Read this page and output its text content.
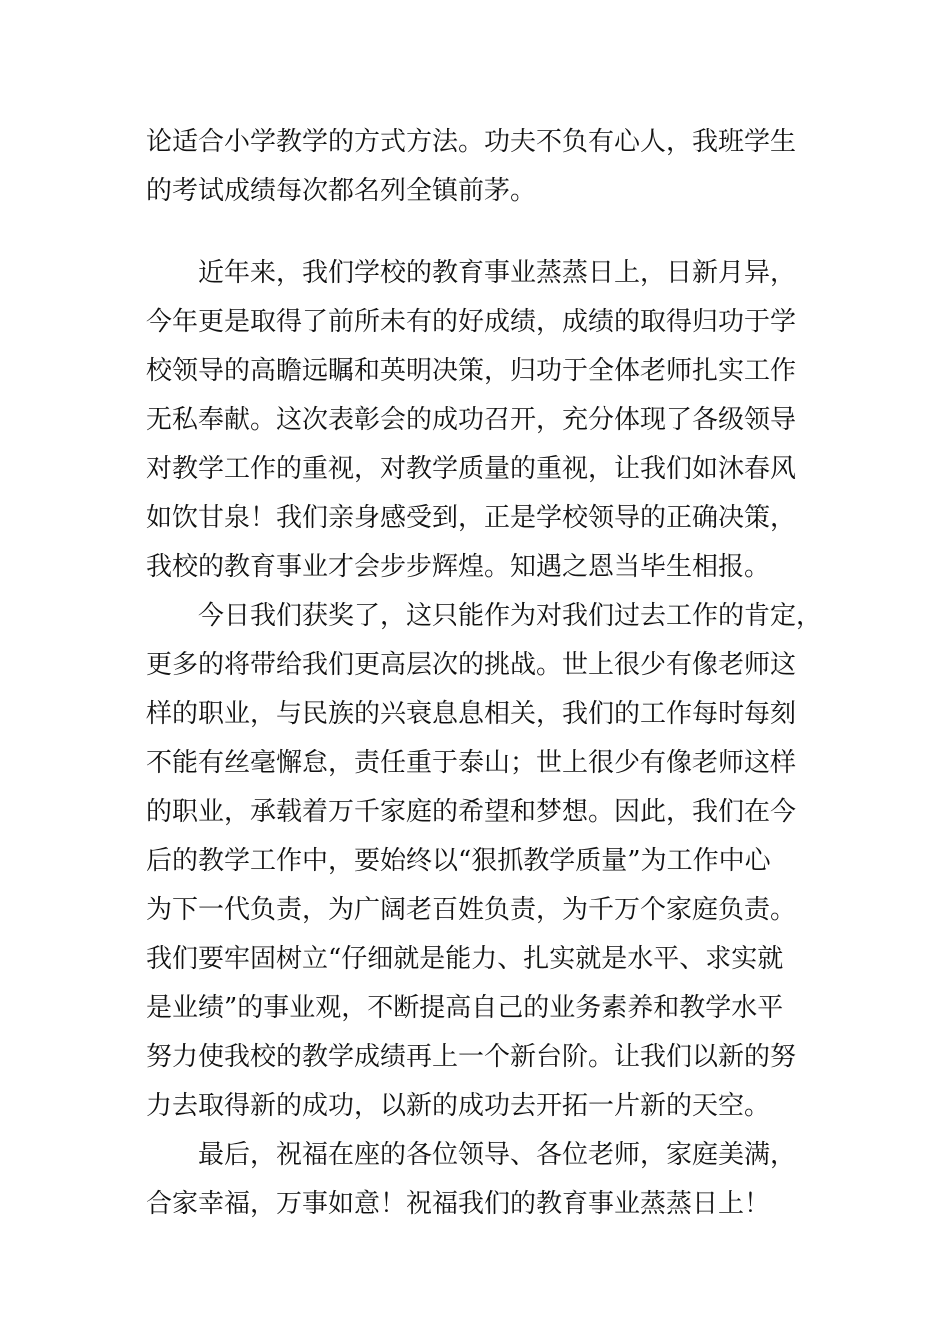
论适合小学教学的方式方法。功夫不负有心人，我班学生
的考试成绩每次都名列全镇前茅。
近年来，我们学校的教育事业蒸蒸日上，日新月异，
今年更是取得了前所未有的好成绩，成绩的取得归功于学
校领导的高瞻远瞩和英明决策，归功于全体老师扎实工作
无私奉献。这次表彰会的成功召开，充分体现了各级领导
对教学工作的重视，对教学质量的重视，让我们如沐春风
如饮甘泉！我们亲身感受到，正是学校领导的正确决策，
我校的教育事业才会步步辉煌。知遇之恩当毕生相报。
今日我们获奖了，这只能作为对我们过去工作的肯定，
更多的将带给我们更高层次的挑战。世上很少有像老师这
样的职业，与民族的兴衰息息相关，我们的工作每时每刻
不能有丝毫懈怠，责任重于泰山；世上很少有像老师这样
的职业，承载着万千家庭的希望和梦想。因此，我们在今
后的教学工作中，要始终以“狠抓教学质量”为工作中心
为下一代负责，为广阔老百姓负责，为千万个家庭负责。
我们要牢固树立“仔细就是能力、扎实就是水平、求实就
是业绩”的事业观，不断提高自己的业务素养和教学水平
努力使我校的教学成绩再上一个新台阶。让我们以新的努
力去取得新的成功，以新的成功去开拓一片新的天空。
最后，祝福在座的各位领导、各位老师，家庭美满，
合家幸福，万事如意！祝福我们的教育事业蒸蒸日上！
